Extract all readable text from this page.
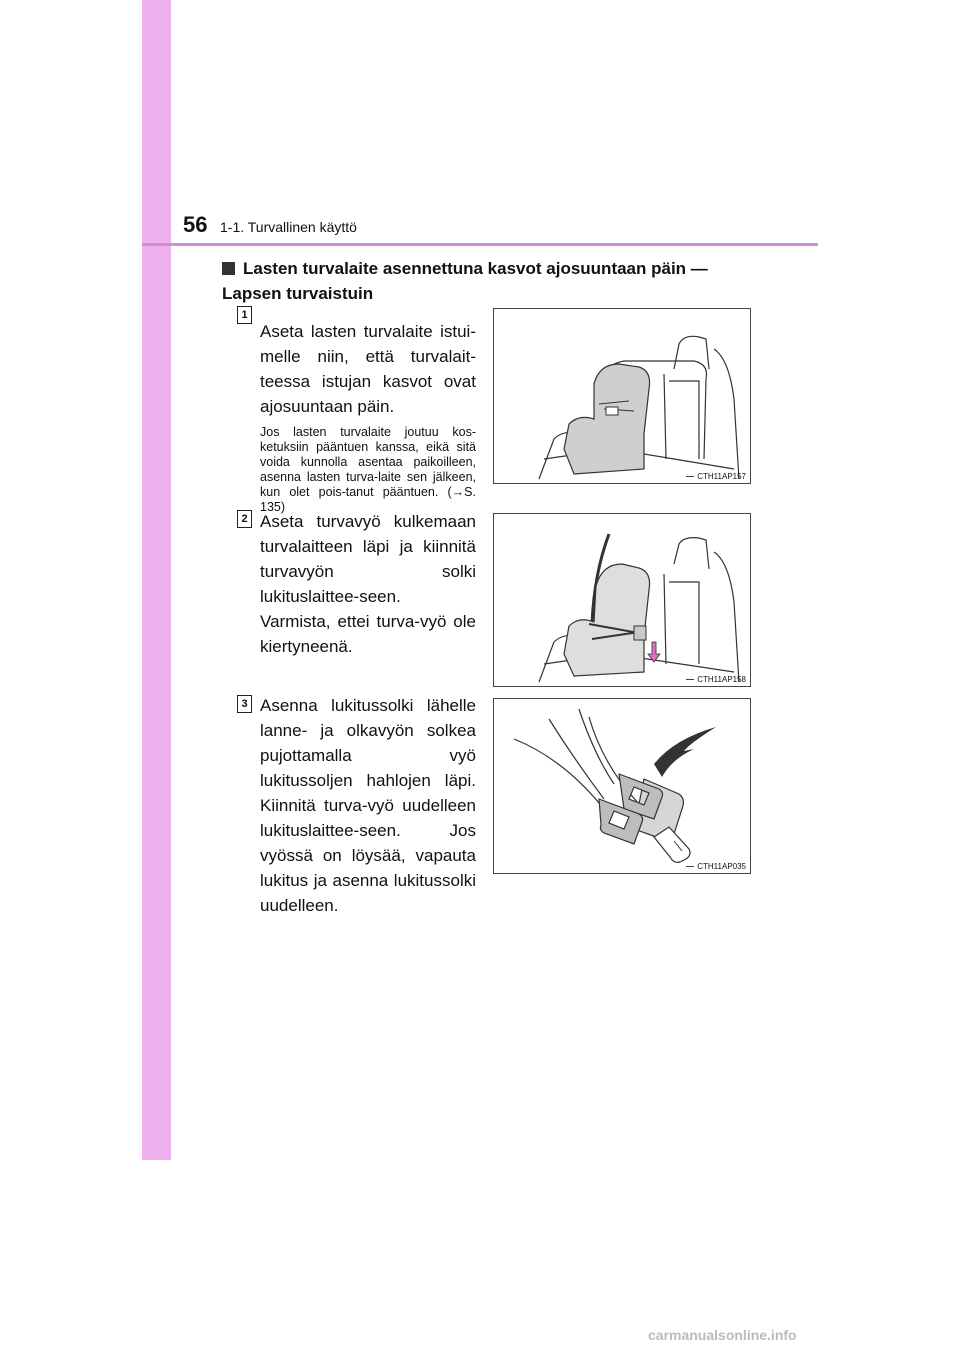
56 1-1. Turvallinen käyttö
Lasten turvalaite asennettuna kasvot ajosuuntaan päin — Lapsen turvaistuin
1
Aseta lasten turvalaite istui-melle niin, että turvalait-teessa istujan kasvot ovat ajosuuntaan päin.
Jos lasten turvalaite joutuu kos-ketuksiin pääntuen kanssa, eikä sitä voida kunnolla asentaa paikoilleen, asenna lasten turva-laite sen jälkeen, kun olet pois-tanut pääntuen. (→S. 135)
CTH11AP157
2 Aseta turvavyö kulkemaan turvalaitteen läpi ja kiinnitä turvavyön solki lukituslaittee-seen. Varmista, ettei turva-vyö ole kiertyneenä.
CTH11AP158
3 Asenna lukitussolki lähelle lanne- ja olkavyön solkea pujottamalla vyö lukitussoljen hahlojen läpi. Kiinnitä turva-vyö uudelleen lukituslaittee-seen. Jos vyössä on löysää, vapauta lukitus ja asenna lukitussolki uudelleen.
CTH11AP035
carmanualsonline.info
